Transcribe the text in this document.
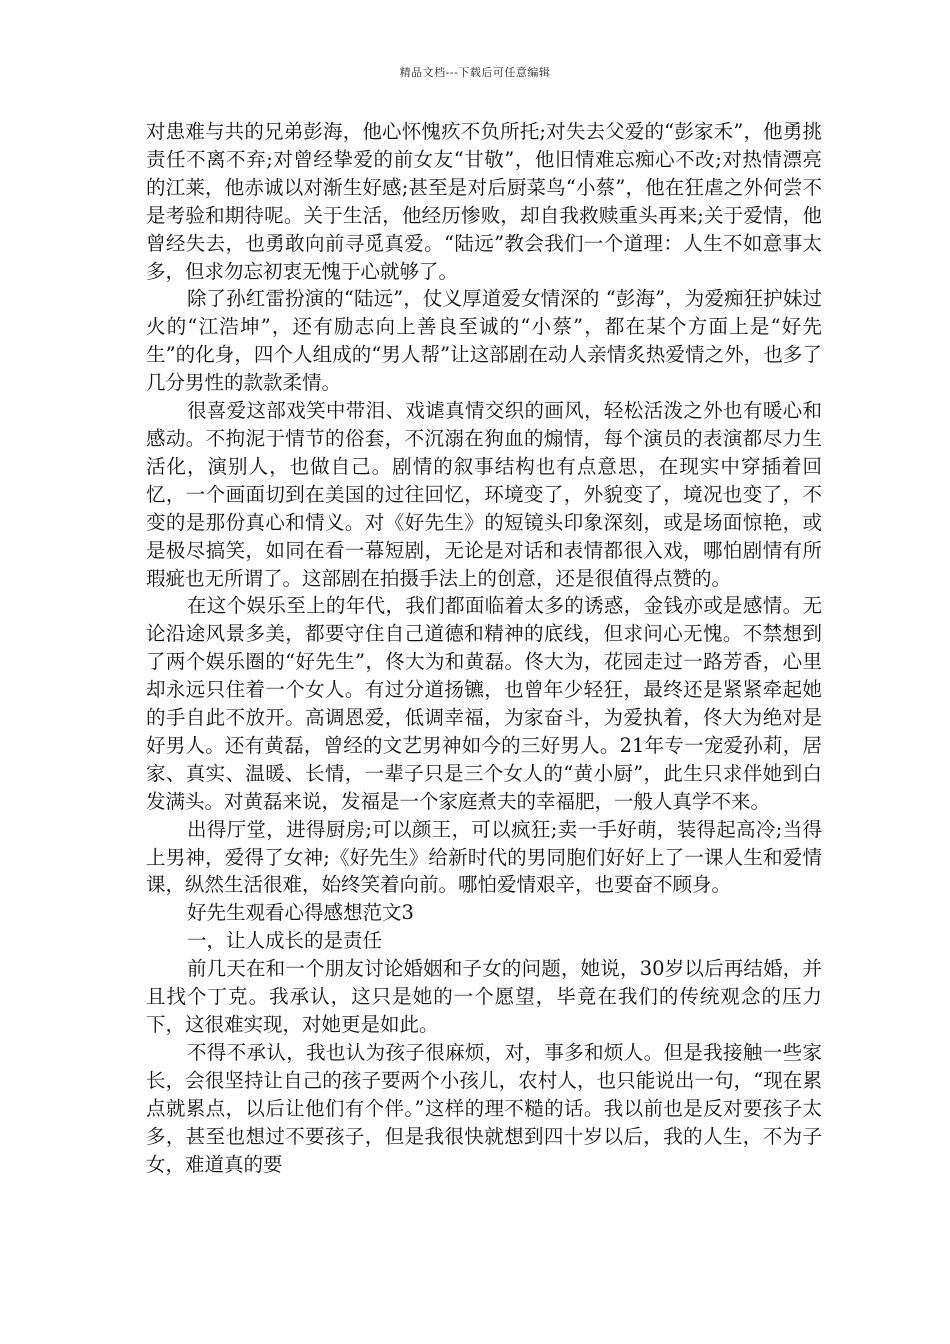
精品文档---下载后可任意编辑

对患难与共的兄弟彭海，他心怀愧疚不负所托;对失去父爱的“彭家禾”，他勇挑责任不离不弃;对曾经挚爱的前女友“甘敬”，他旧情难忘痴心不改;对热情漂亮的江莱，他赤诚以对渐生好感;甚至是对后厨菜鸟“小蔡”，他在狂虐之外何尝不是考验和期待呢。关于生活，他经历惨败，却自我救赎重头再来;关于爱情，他曾经失去，也勇敢向前寻觅真爱。“陆远”教会我们一个道理：人生不如意事太多，但求勿忘初衷无愧于心就够了。

除了孙红雷扮演的“陆远”，仗义厚道爱女情深的 “彭海”，为爱痴狂护妹过火的“江浩坤”，还有励志向上善良至诚的“小蔡”，都在某个方面上是“好先生”的化身，四个人组成的“男人帮”让这部剧在动人亲情炙热爱情之外，也多了几分男性的款款柔情。

很喜爱这部戏笑中带泪、戏谑真情交织的画风，轻松活泼之外也有暖心和感动。不拘泥于情节的俗套，不沉溺在狗血的煽情，每个演员的表演都尽力生活化，演别人，也做自己。剧情的叙事结构也有点意思，在现实中穿插着回忆，一个画面切到在美国的过往回忆，环境变了，外貌变了，境况也变了，不变的是那份真心和情义。对《好先生》的短镜头印象深刻，或是场面惊艳，或是极尽搞笑，如同在看一幕短剧，无论是对话和表情都很入戏，哪怕剧情有所瑕疵也无所谓了。这部剧在拍摄手法上的创意，还是很值得点赞的。

在这个娱乐至上的年代，我们都面临着太多的诱惑，金钱亦或是感情。无论沿途风景多美，都要守住自己道德和精神的底线，但求问心无愧。不禁想到了两个娱乐圈的“好先生”，佟大为和黄磊。佟大为，花园走过一路芳香，心里却永远只住着一个女人。有过分道扬镳，也曾年少轻狂，最终还是紧紧牵起她的手自此不放开。高调恩爱，低调幸福，为家奋斗，为爱执着，佟大为绝对是好男人。还有黄磊，曾经的文艺男神如今的三好男人。21年专一宠爱孙莉，居家、真实、温暖、长情，一辈子只是三个女人的“黄小厨”，此生只求伴她到白发满头。对黄磊来说，发福是一个家庭煮夫的幸福肥，一般人真学不来。

出得厅堂，进得厨房;可以颜王，可以疯狂;卖一手好萌，装得起高冷;当得上男神，爱得了女神;《好先生》给新时代的男同胞们好好上了一课人生和爱情课，纵然生活很难，始终笑着向前。哪怕爱情艰辛，也要奋不顾身。

好先生观看心得感想范文3

一，让人成长的是责任

前几天在和一个朋友讨论婚姻和子女的问题，她说，30岁以后再结婚，并且找个丁克。我承认，这只是她的一个愿望，毕竟在我们的传统观念的压力下，这很难实现，对她更是如此。

不得不承认，我也认为孩子很麻烦，对，事多和烦人。但是我接触一些家长，会很坚持让自己的孩子要两个小孩儿，农村人，也只能说出一句，“现在累点就累点，以后让他们有个伴。”这样的理不糙的话。我以前也是反对要孩子太多，甚至也想过不要孩子，但是我很快就想到四十岁以后，我的人生，不为子女，难道真的要
